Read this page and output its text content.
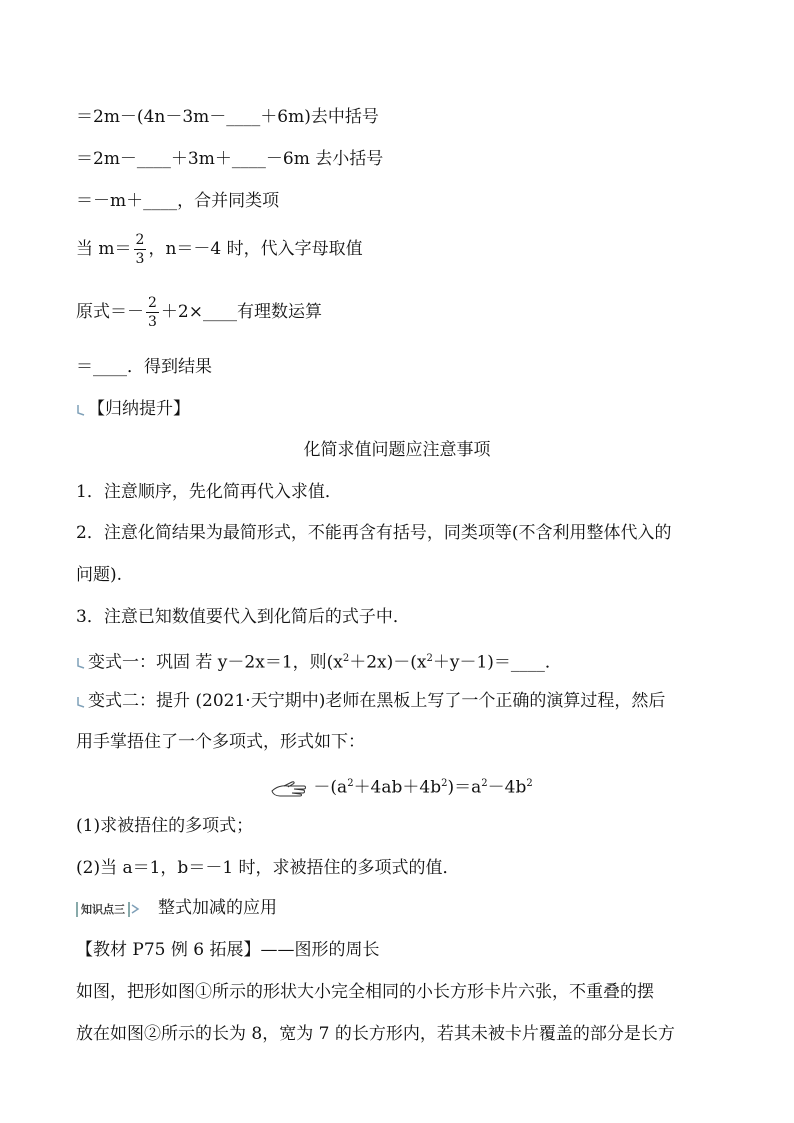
＝2m－(4n－3m－____＋6m)去中括号
＝2m－____＋3m＋____－6m 去小括号
＝－m＋____，合并同类项
当 $m= \frac{2}{3}$ ，n＝－4 时，代入字母取值
原式＝－ $\frac{2}{3}$ ＋2×____有理数运算
＝____．得到结果
【归纳提升】
化简求值问题应注意事项
1．注意顺序，先化简再代入求值．
2．注意化简结果为最简形式，不能再含有括号，同类项等(不含利用整体代入的
问题).
3．注意已知数值要代入到化简后的式子中．
变式一：巩固 若 y－2x＝1，则$(x^2+2x)-(x^2+y-1)=\_\_\_\_$．
变式二：提升 (2021·天宁期中)老师在黑板上写了一个正确的演算过程，然后
用手掌捂住了一个多项式，形式如下：
$-(a^2+4ab+4b^2)=a^2-4b^2$
(1)求被捂住的多项式；
(2)当 a＝1，b＝－1 时，求被捂住的多项式的值．
知识点三 整式加减的应用
【教材 P75 例 6 拓展】——图形的周长
如图，把形如图①所示的形状大小完全相同的小长方形卡片六张，不重叠的摆
放在如图②所示的长为 8，宽为 7 的长方形内，若其未被卡片覆盖的部分是长方
